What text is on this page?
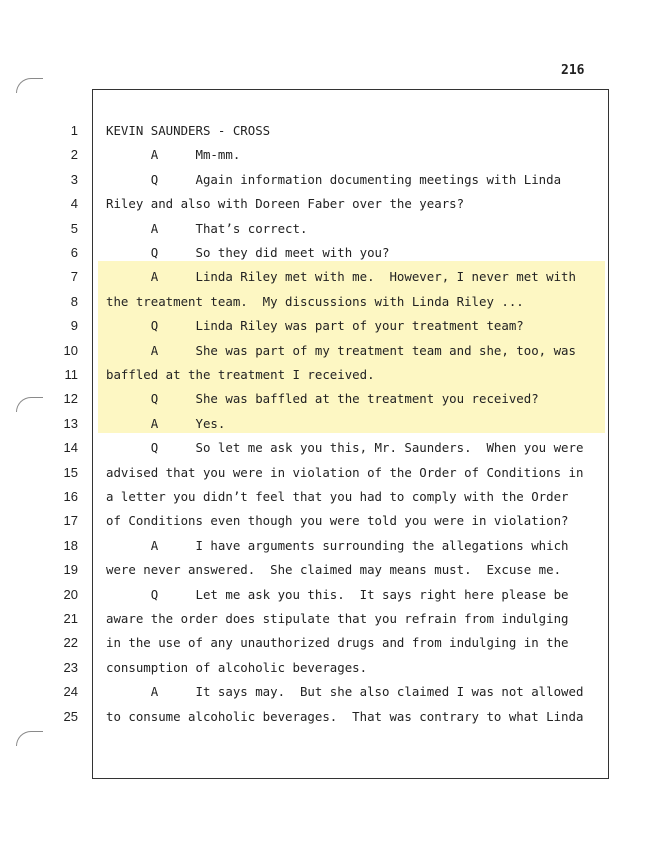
216
1 KEVIN SAUNDERS - CROSS
2 A     Mm-mm.
3 Q     Again information documenting meetings with Linda
4 Riley and also with Doreen Faber over the years?
5 A     That’s correct.
6 Q     So they did meet with you?
7 A     Linda Riley met with me.  However, I never met with
8 the treatment team.  My discussions with Linda Riley ...
9 Q     Linda Riley was part of your treatment team?
10 A     She was part of my treatment team and she, too, was
11 baffled at the treatment I received.
12 Q     She was baffled at the treatment you received?
13 A     Yes.
14 Q     So let me ask you this, Mr. Saunders.  When you were
15 advised that you were in violation of the Order of Conditions in
16 a letter you didn’t feel that you had to comply with the Order
17 of Conditions even though you were told you were in violation?
18 A     I have arguments surrounding the allegations which
19 were never answered.  She claimed may means must.  Excuse me.
20 Q     Let me ask you this.  It says right here please be
21 aware the order does stipulate that you refrain from indulging
22 in the use of any unauthorized drugs and from indulging in the
23 consumption of alcoholic beverages.
24 A     It says may.  But she also claimed I was not allowed
25 to consume alcoholic beverages.  That was contrary to what Linda
